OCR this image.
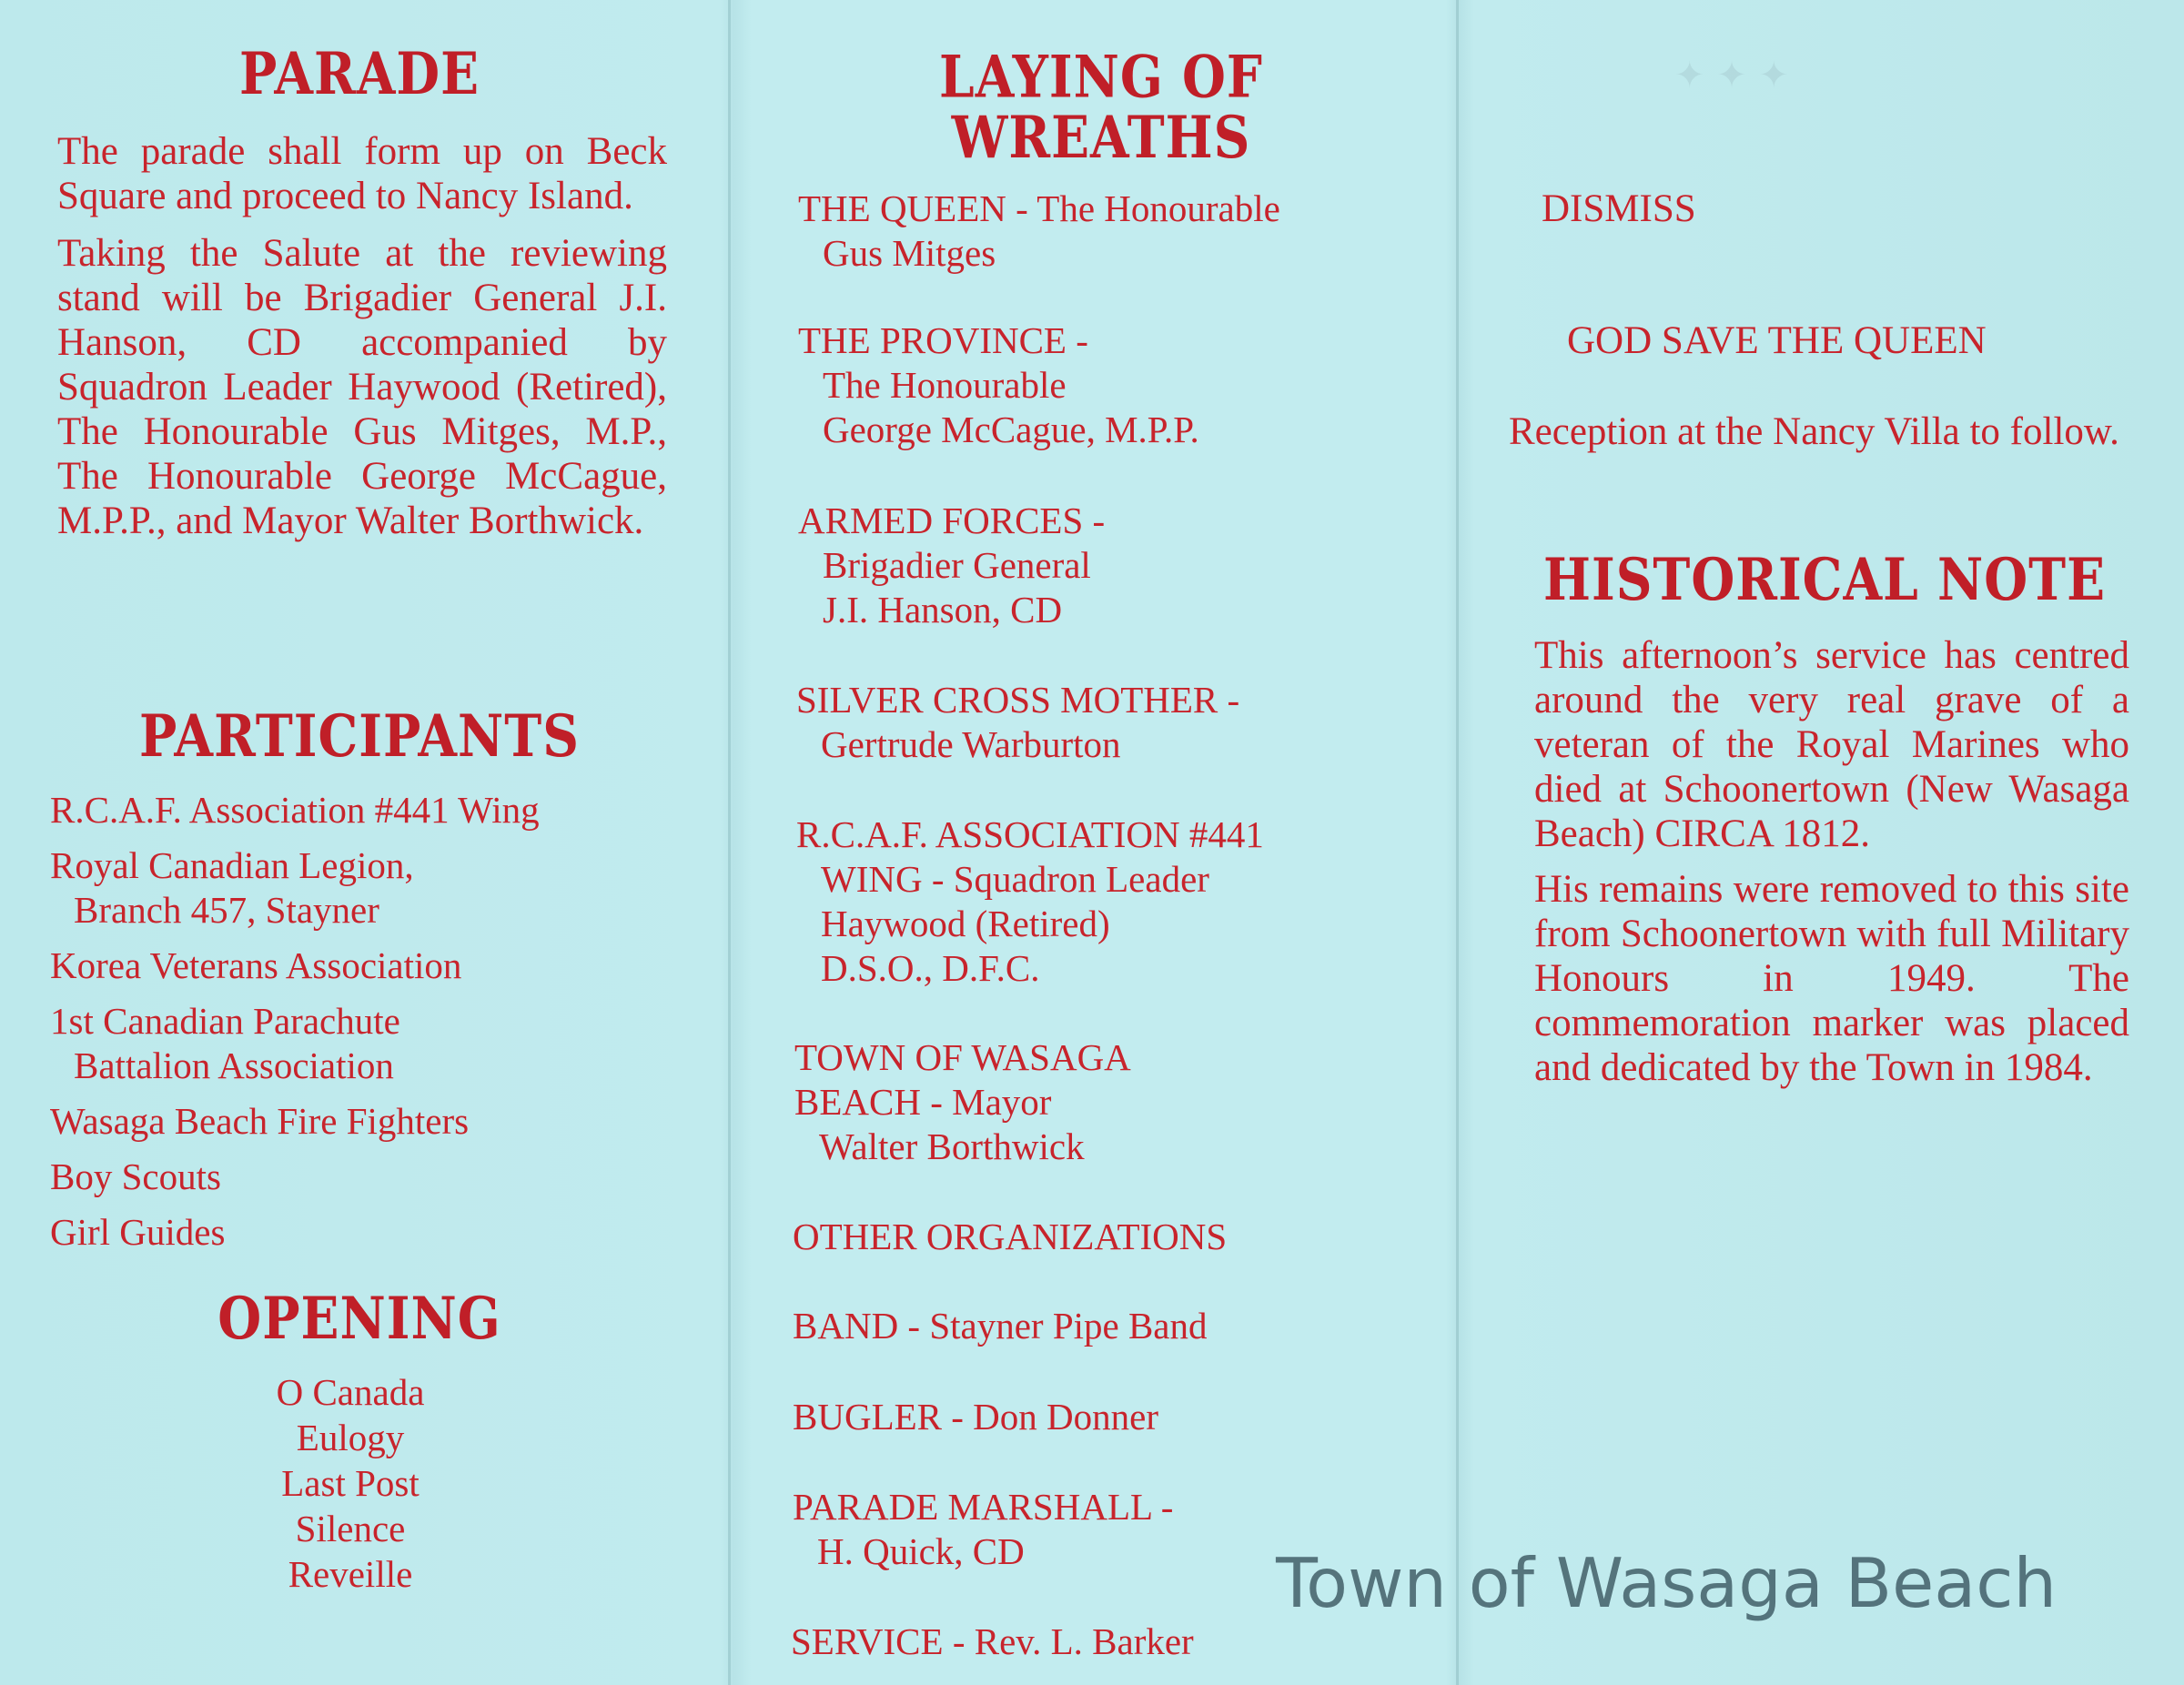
PARADE

The parade shall form up on Beck Square and proceed to Nancy Island.

Taking the Salute at the reviewing stand will be Brigadier General J.I. Hanson, CD accompanied by Squadron Leader Haywood (Retired), The Honourable Gus Mitges, M.P., The Honourable George McCague, M.P.P., and Mayor Walter Borthwick.

PARTICIPANTS

R.C.A.F. Association #441 Wing

Royal Canadian Legion,
Branch 457, Stayner

Korea Veterans Association

1st Canadian Parachute
Battalion Association

Wasaga Beach Fire Fighters

Boy Scouts

Girl Guides

OPENING
O Canada
Eulogy
Last Post
Silence
Reveille
LAYING OF
WREATHS
THE QUEEN - The Honourable
Gus Mitges
THE PROVINCE -
The Honourable
George McCague, M.P.P.
ARMED FORCES -
Brigadier General
J.I. Hanson, CD
SILVER CROSS MOTHER -
Gertrude Warburton
R.C.A.F. ASSOCIATION #441
WING - Squadron Leader
Haywood (Retired)
D.S.O., D.F.C.
TOWN OF WASAGA
BEACH - Mayor
Walter Borthwick
OTHER ORGANIZATIONS
BAND - Stayner Pipe Band
BUGLER - Don Donner
PARADE MARSHALL -
H. Quick, CD
SERVICE - Rev. L. Barker
✦ ✦ ✦
DISMISS
GOD SAVE THE QUEEN
Reception at the Nancy Villa to follow.
HISTORICAL NOTE

This afternoon’s service has centred around the very real grave of a veteran of the Royal Marines who died at Schoonertown (New Wasaga Beach) CIRCA 1812.

His remains were removed to this site from Schoonertown with full Military Honours in 1949. The commemoration marker was placed and dedicated by the Town in 1984.

Town of Wasaga Beach
